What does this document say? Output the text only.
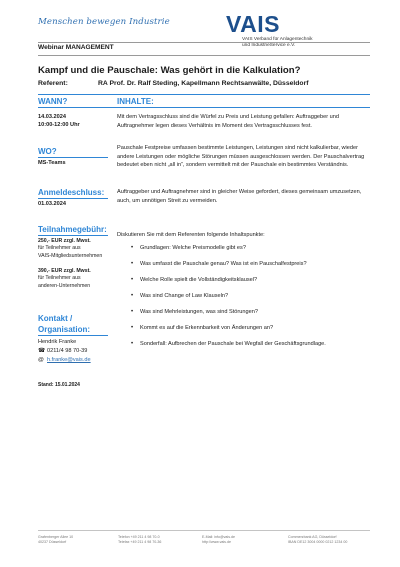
Menschen bewegen Industrie VAIS
VAIS Verband für Anlagentechnik
und IndustrieService e.V.
Webinar MANAGEMENT
Kampf und die Pauschale: Was gehört in die Kalkulation?
Referent:	RA Prof. Dr. Ralf Steding, Kapellmann Rechtsanwälte, Düsseldorf
WANN?	INHALTE:
14.03.2024
10:00-12:00 Uhr
Mit dem Vertragsschluss sind die Würfel zu Preis und Leistung gefallen: Auftraggeber und Auftragnehmer legen dieses Verhältnis im Moment des Vertragsschlusses fest.
WO?
MS-Teams
Pauschale Festpreise umfassen bestimmte Leistungen, Leistungen sind nicht kalkulierbar, wieder andere Leistungen oder mögliche Störungen müssen ausgeschlossen werden. Der Pauschalvertrag bedeutet eben nicht „all in“, sondern vermittelt mit der Pauschale ein bestimmtes Verständnis.
Anmeldeschluss:
01.03.2024
Auftraggeber und Auftragnehmer sind in gleicher Weise gefordert, dieses gemeinsam umzusetzen, auch, um unnötigen Streit zu vermeiden.
Teilnahmegebühr:
250,- EUR zzgl. Mwst.
für Teilnehmer aus
VAIS-Mitgliedsunternehmen
390,- EUR zzgl. Mwst.
für Teilnehmer aus
anderen-Unternehmen
Kontakt /
Organisation:
Hendrik Franke
☎ 0211/4 98 70-39
@ h.franke@vais.de
Stand: 15.01.2024
Diskutieren Sie mit dem Referenten folgende Inhaltspunkte:
• Grundlagen: Welche Preismodelle gibt es?
• Was umfasst die Pauschale genau? Was ist ein Pauschalfestpreis?
• Welche Rolle spielt die Vollständigkeitsklausel?
• Was sind Change of Law Klauseln?
• Was sind Mehrleistungen, was sind Störungen?
• Kommt es auf die Erkennbarkeit von Änderungen an?
• Sonderfall: Aufbrechen der Pauschale bei Wegfall der Geschäftsgrundlage.
Grafenberger Allee 10
40237 Düsseldorf
Telefon +49 211 4 98 70-0
Telefax +49 211 4 98 70-36
E-Mail: info@vais.de
http://www.vais.de
Commerzbank AG, Düsseldorf
IBAN DE12 3004 0000 0212 1234 00
